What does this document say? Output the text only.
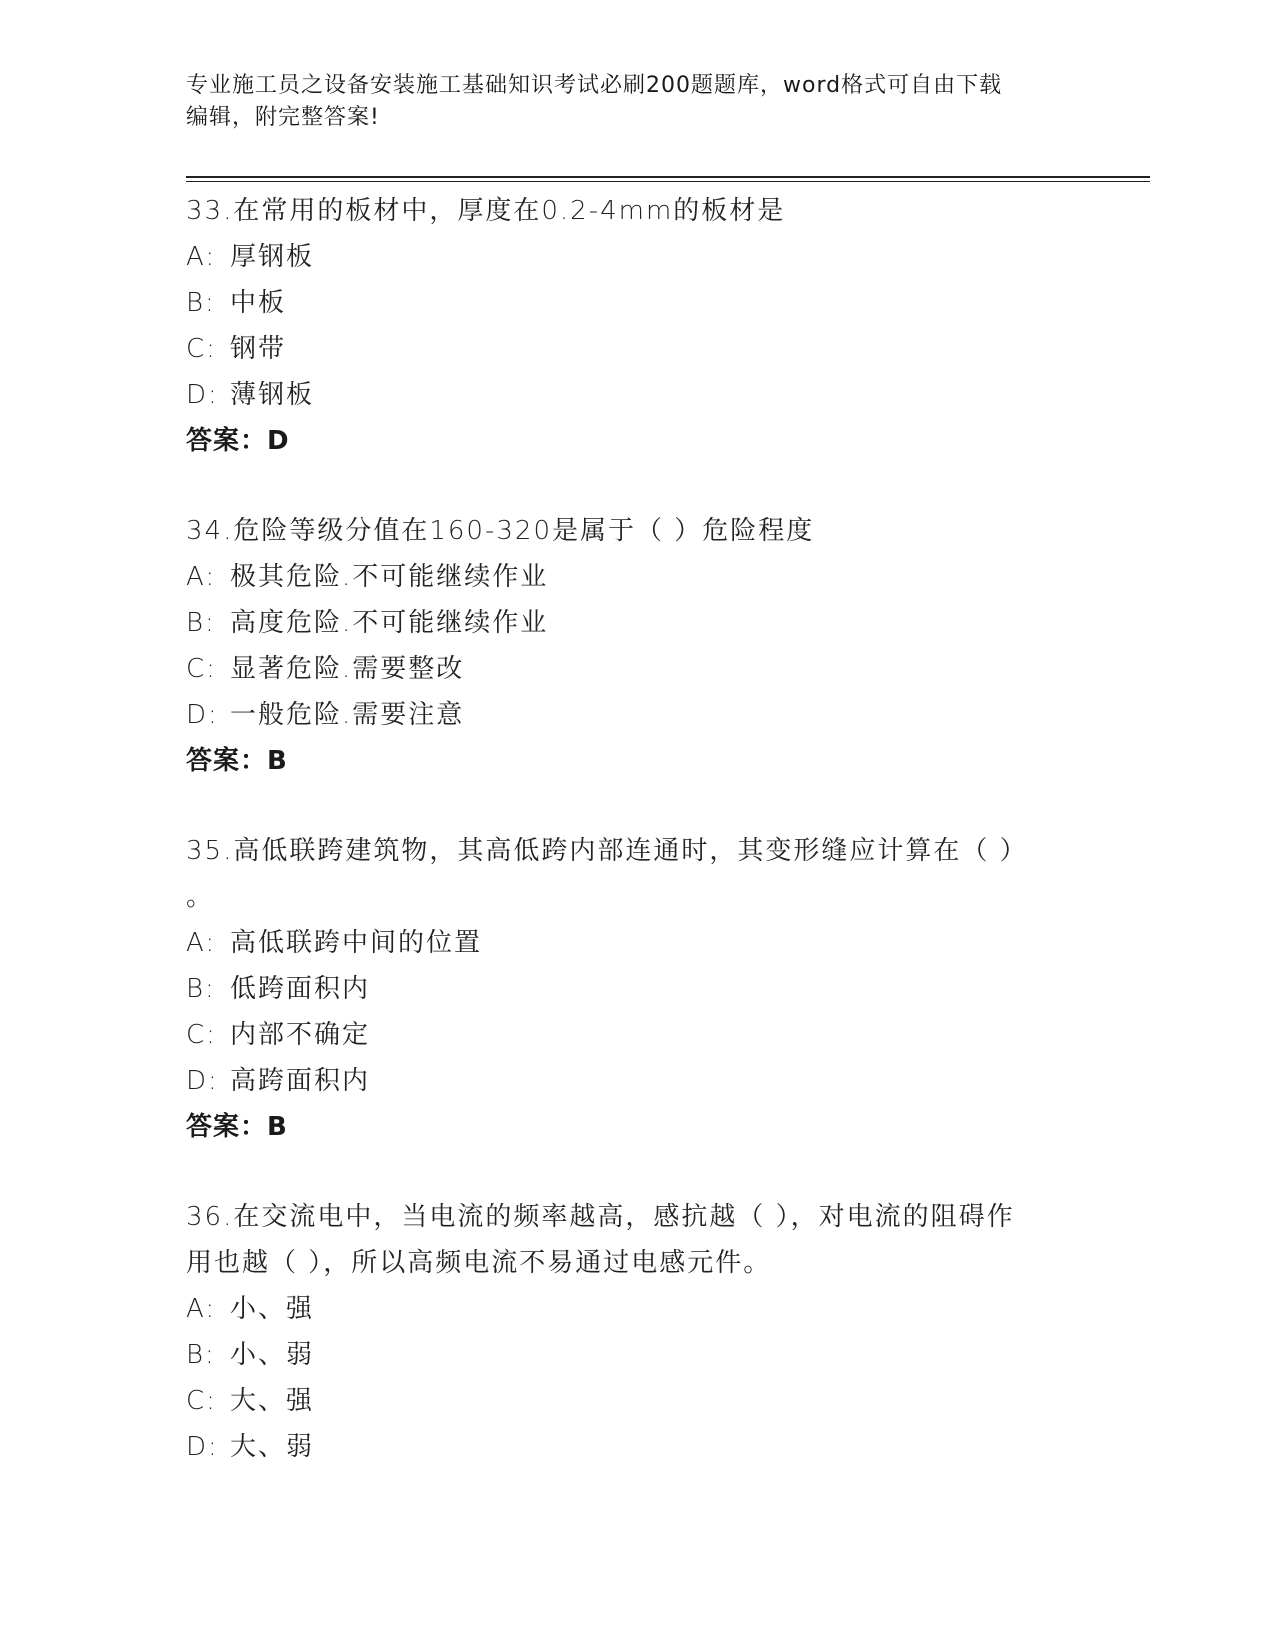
专业施工员之设备安装施工基础知识考试必刷200题题库，word格式可自由下载
编辑，附完整答案!
33.在常用的板材中，厚度在0.2-4mm的板材是
A: 厚钢板
B: 中板
C: 钢带
D: 薄钢板
答案：D
34.危险等级分值在160-320是属于（ ）危险程度
A: 极其危险.不可能继续作业
B: 高度危险.不可能继续作业
C: 显著危险.需要整改
D: 一般危险.需要注意
答案：B
35.高低联跨建筑物，其高低跨内部连通时，其变形缝应计算在（ ）
。
A: 高低联跨中间的位置
B: 低跨面积内
C: 内部不确定
D: 高跨面积内
答案：B
36.在交流电中，当电流的频率越高，感抗越（ ），对电流的阻碍作
用也越（ ），所以高频电流不易通过电感元件。
A: 小、强
B: 小、弱
C: 大、强
D: 大、弱
